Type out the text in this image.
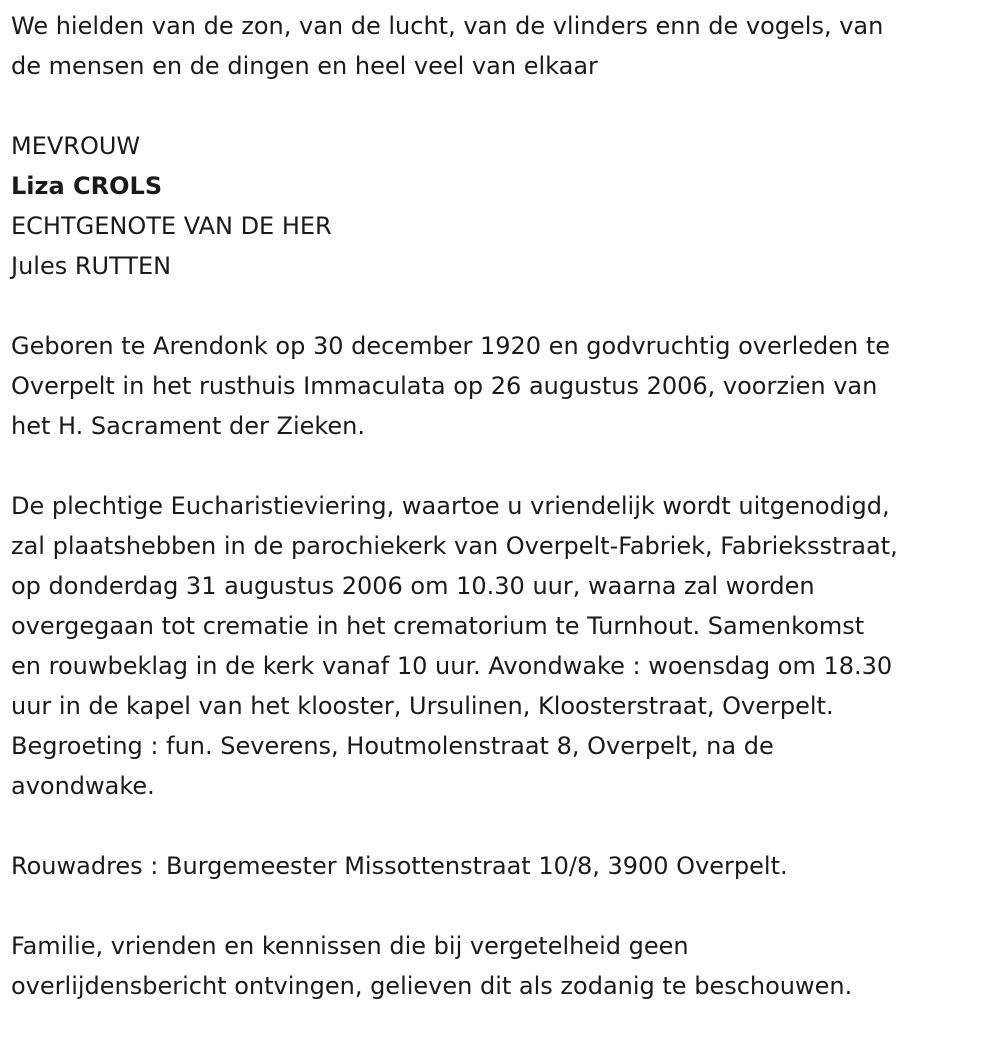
We hielden van de zon, van de lucht, van de vlinders enn de vogels, van

de mensen en de dingen en heel veel van elkaar

MEVROUW

Liza CROLS

ECHTGENOTE VAN DE HER

Jules RUTTEN

Geboren te Arendonk op 30 december 1920 en godvruchtig overleden te

Overpelt in het rusthuis Immaculata op 26 augustus 2006, voorzien van

het H. Sacrament der Zieken.

De plechtige Eucharistieviering, waartoe u vriendelijk wordt uitgenodigd,

zal plaatshebben in de parochiekerk van Overpelt-Fabriek, Fabrieksstraat,

op donderdag 31 augustus 2006 om 10.30 uur, waarna zal worden

overgegaan tot crematie in het crematorium te Turnhout. Samenkomst

en rouwbeklag in de kerk vanaf 10 uur. Avondwake : woensdag om 18.30

uur in de kapel van het klooster, Ursulinen, Kloosterstraat, Overpelt.

Begroeting : fun. Severens, Houtmolenstraat 8, Overpelt, na de

avondwake.

Rouwadres : Burgemeester Missottenstraat 10/8, 3900 Overpelt.

Familie, vrienden en kennissen die bij vergetelheid geen

overlijdensbericht ontvingen, gelieven dit als zodanig te beschouwen.
